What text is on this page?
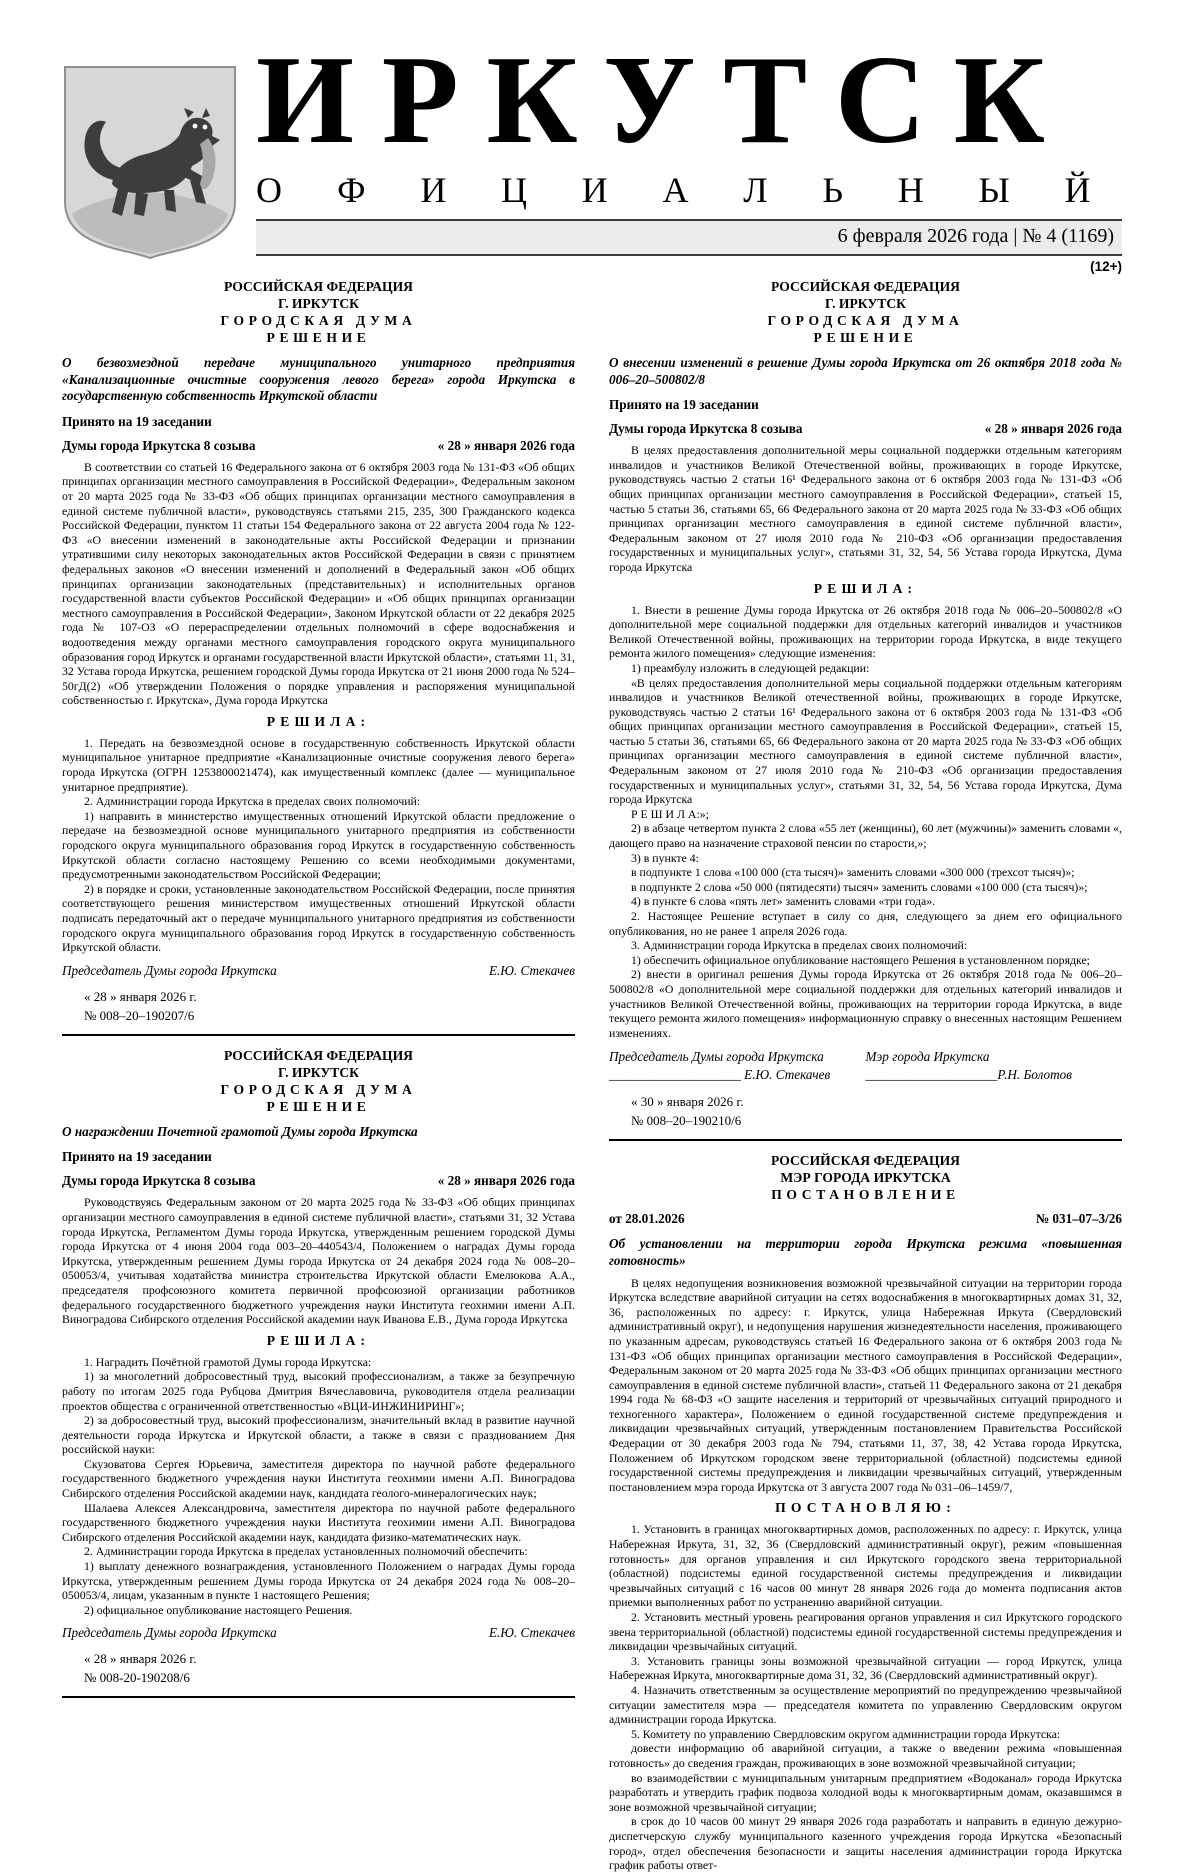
ИРКУТСК
ОФИЦИАЛЬНЫЙ
6 февраля 2026 года | № 4 (1169)
(12+)
РОССИЙСКАЯ ФЕДЕРАЦИЯ
Г. ИРКУТСК
ГОРОДСКАЯ ДУМА
РЕШЕНИЕ
О безвозмездной передаче муниципального унитарного предприятия «Канализационные очистные сооружения левого берега» города Иркутска в государственную собственность Иркутской области
Принято на 19 заседании
Думы города Иркутска 8 созыва	« 28 » января 2026 года

В соответствии со статьей 16 Федерального закона от 6 октября 2003 года № 131-ФЗ «Об общих принципах организации местного самоуправления в Российской Федерации», Федеральным законом от 20 марта 2025 года № 33-ФЗ «Об общих принципах организации местного самоуправления в единой системе публичной власти», руководствуясь статьями 215, 235, 300 Гражданского кодекса Российской Федерации, пунктом 11 статьи 154 Федерального закона от 22 августа 2004 года № 122-ФЗ «О внесении изменений в законодательные акты Российской Федерации и признании утратившими силу некоторых законодательных актов Российской Федерации в связи с принятием федеральных законов «О внесении изменений и дополнений в Федеральный закон «Об общих принципах организации законодательных (представительных) и исполнительных органов государственной власти субъектов Российской Федерации» и «Об общих принципах организации местного самоуправления в Российской Федерации», Законом Иркутской области от 22 декабря 2025 года № 107-ОЗ «О перераспределении отдельных полномочий в сфере водоснабжения и водоотведения между органами местного самоуправления городского округа муниципального образования город Иркутск и органами государственной власти Иркутской области», статьями 11, 31, 32 Устава города Иркутска, решением городской Думы города Иркутска от 21 июня 2000 года № 524–50гД(2) «Об утверждении Положения о порядке управления и распоряжения муниципальной собственностью г. Иркутска», Дума города Иркутска

РЕШИЛА:

1. Передать на безвозмездной основе в государственную собственность Иркутской области муниципальное унитарное предприятие «Канализационные очистные сооружения левого берега» города Иркутска (ОГРН 1253800021474), как имущественный комплекс (далее — муниципальное унитарное предприятие).

2. Администрации города Иркутска в пределах своих полномочий:

1) направить в министерство имущественных отношений Иркутской области предложение о передаче на безвозмездной основе муниципального унитарного предприятия из собственности городского округа муниципального образования город Иркутск в государственную собственность Иркутской области согласно настоящему Решению со всеми необходимыми документами, предусмотренными законодательством Российской Федерации;

2) в порядке и сроки, установленные законодательством Российской Федерации, после принятия соответствующего решения министерством имущественных отношений Иркутской области подписать передаточный акт о передаче муниципального унитарного предприятия из собственности городского округа муниципального образования город Иркутск в государственную собственность Иркутской области.

Председатель Думы города Иркутска	Е.Ю. Стекачев
« 28 » января 2026 г.
№ 008–20–190207/6
РОССИЙСКАЯ ФЕДЕРАЦИЯ
Г. ИРКУТСК
ГОРОДСКАЯ ДУМА
РЕШЕНИЕ
О награждении Почетной грамотой Думы города Иркутска
Принято на 19 заседании
Думы города Иркутска 8 созыва	« 28 » января 2026 года

Руководствуясь Федеральным законом от 20 марта 2025 года № 33-ФЗ «Об общих принципах организации местного самоуправления в единой системе публичной власти», статьями 31, 32 Устава города Иркутска, Регламентом Думы города Иркутска, утвержденным решением городской Думы города Иркутска от 4 июня 2004 года 003–20–440543/4, Положением о наградах Думы города Иркутска, утвержденным решением Думы города Иркутска от 24 декабря 2024 года № 008–20–050053/4, учитывая ходатайства министра строительства Иркутской области Емелюкова А.А., председателя профсоюзного комитета первичной профсоюзной организации работников федерального государственного бюджетного учреждения науки Института геохимии имени А.П. Виноградова Сибирского отделения Российской академии наук Иванова Е.В., Дума города Иркутска

РЕШИЛА:

1. Наградить Почётной грамотой Думы города Иркутска:

1) за многолетний добросовестный труд, высокий профессионализм, а также за безупречную работу по итогам 2025 года Рубцова Дмитрия Вячеславовича, руководителя отдела реализации проектов общества с ограниченной ответственностью «ВЦИ-ИНЖИНИРИНГ»;

2) за добросовестный труд, высокий профессионализм, значительный вклад в развитие научной деятельности города Иркутска и Иркутской области, а также в связи с празднованием Дня российской науки:

Скузоватова Сергея Юрьевича, заместителя директора по научной работе федерального государственного бюджетного учреждения науки Института геохимии имени А.П. Виноградова Сибирского отделения Российской академии наук, кандидата геолого-минералогических наук;

Шалаева Алексея Александровича, заместителя директора по научной работе федерального государственного бюджетного учреждения науки Института геохимии имени А.П. Виноградова Сибирского отделения Российской академии наук, кандидата физико-математических наук.

2. Администрации города Иркутска в пределах установленных полномочий обеспечить:

1) выплату денежного вознаграждения, установленного Положением о наградах Думы города Иркутска, утвержденным решением Думы города Иркутска от 24 декабря 2024 года № 008–20–050053/4, лицам, указанным в пункте 1 настоящего Решения;

2) официальное опубликование настоящего Решения.

Председатель Думы города Иркутска	Е.Ю. Стекачев
« 28 » января 2026 г.
№ 008-20-190208/6
РОССИЙСКАЯ ФЕДЕРАЦИЯ
Г. ИРКУТСК
ГОРОДСКАЯ ДУМА
РЕШЕНИЕ
О внесении изменений в решение Думы города Иркутска от 26 октября 2018 года № 006–20–500802/8
Принято на 19 заседании
Думы города Иркутска 8 созыва	« 28 » января 2026 года

В целях предоставления дополнительной меры социальной поддержки отдельным категориям инвалидов и участников Великой Отечественной войны, проживающих в городе Иркутске, руководствуясь частью 2 статьи 16¹ Федерального закона от 6 октября 2003 года № 131-ФЗ «Об общих принципах организации местного самоуправления в Российской Федерации», статьей 15, частью 5 статьи 36, статьями 65, 66 Федерального закона от 20 марта 2025 года № 33-ФЗ «Об общих принципах организации местного самоуправления в единой системе публичной власти», Федеральным законом от 27 июля 2010 года № 210-ФЗ «Об организации предоставления государственных и муниципальных услуг», статьями 31, 32, 54, 56 Устава города Иркутска, Дума города Иркутска

РЕШИЛА:

1. Внести в решение Думы города Иркутска от 26 октября 2018 года № 006–20–500802/8 «О дополнительной мере социальной поддержки для отдельных категорий инвалидов и участников Великой Отечественной войны, проживающих на территории города Иркутска, в виде текущего ремонта жилого помещения» следующие изменения:

1) преамбулу изложить в следующей редакции:

«В целях предоставления дополнительной меры социальной поддержки отдельным категориям инвалидов и участников Великой отечественной войны, проживающих в городе Иркутске, руководствуясь частью 2 статьи 16¹ Федерального закона от 6 октября 2003 года № 131-ФЗ «Об общих принципах организации местного самоуправления в Российской Федерации», статьей 15, частью 5 статьи 36, статьями 65, 66 Федерального закона от 20 марта 2025 года № 33-ФЗ «Об общих принципах организации местного самоуправления в единой системе публичной власти», Федеральным законом от 27 июля 2010 года № 210-ФЗ «Об организации предоставления государственных и муниципальных услуг», статьями 31, 32, 54, 56 Устава города Иркутска, Дума города Иркутска

Р Е Ш И Л А:»;

2) в абзаце четвертом пункта 2 слова «55 лет (женщины), 60 лет (мужчины)» заменить словами «, дающего право на назначение страховой пенсии по старости,»;

3) в пункте 4:

в подпункте 1 слова «100 000 (ста тысяч)» заменить словами «300 000 (трехсот тысяч)»;

в подпункте 2 слова «50 000 (пятидесяти) тысяч» заменить словами «100 000 (ста тысяч)»;

4) в пункте 6 слова «пять лет» заменить словами «три года».

2. Настоящее Решение вступает в силу со дня, следующего за днем его официального опубликования, но не ранее 1 апреля 2026 года.

3. Администрации города Иркутска в пределах своих полномочий:

1) обеспечить официальное опубликование настоящего Решения в установленном порядке;

2) внести в оригинал решения Думы города Иркутска от 26 октября 2018 года № 006–20–500802/8 «О дополнительной мере социальной поддержки для отдельных категорий инвалидов и участников Великой Отечественной войны, проживающих на территории города Иркутска, в виде текущего ремонта жилого помещения» информационную справку о внесенных настоящим Решением изменениях.

Председатель Думы города Иркутска
____________________ Е.Ю. Стекачев
Мэр города Иркутска
____________________Р.Н. Болотов
« 30 » января 2026 г.
№ 008–20–190210/6
РОССИЙСКАЯ ФЕДЕРАЦИЯ
МЭР ГОРОДА ИРКУТСКА
ПОСТАНОВЛЕНИЕ
от 28.01.2026	№ 031–07–3/26
Об установлении на территории города Иркутска режима «повышенная готовность»

В целях недопущения возникновения возможной чрезвычайной ситуации на территории города Иркутска вследствие аварийной ситуации на сетях водоснабжения в многоквартирных домах 31, 32, 36, расположенных по адресу: г. Иркутск, улица Набережная Иркута (Свердловский административный округ), и недопущения нарушения жизнедеятельности населения, проживающего по указанным адресам, руководствуясь статьей 16 Федерального закона от 6 октября 2003 года № 131-ФЗ «Об общих принципах организации местного самоуправления в Российской Федерации», Федеральным законом от 20 марта 2025 года № 33-ФЗ «Об общих принципах организации местного самоуправления в единой системе публичной власти», статьей 11 Федерального закона от 21 декабря 1994 года № 68-ФЗ «О защите населения и территорий от чрезвычайных ситуаций природного и техногенного характера», Положением о единой государственной системе предупреждения и ликвидации чрезвычайных ситуаций, утвержденным постановлением Правительства Российской Федерации от 30 декабря 2003 года № 794, статьями 11, 37, 38, 42 Устава города Иркутска, Положением об Иркутском городском звене территориальной (областной) подсистемы единой государственной системы предупреждения и ликвидации чрезвычайных ситуаций, утвержденным постановлением мэра города Иркутска от 3 августа 2007 года № 031–06–1459/7,

ПОСТАНОВЛЯЮ:

1. Установить в границах многоквартирных домов, расположенных по адресу: г. Иркутск, улица Набережная Иркута, 31, 32, 36 (Свердловский административный округ), режим «повышенная готовность» для органов управления и сил Иркутского городского звена территориальной (областной) подсистемы единой государственной системы предупреждения и ликвидации чрезвычайных ситуаций с 16 часов 00 минут 28 января 2026 года до момента подписания актов приемки выполненных работ по устранению аварийной ситуации.

2. Установить местный уровень реагирования органов управления и сил Иркутского городского звена территориальной (областной) подсистемы единой государственной системы предупреждения и ликвидации чрезвычайных ситуаций.

3. Установить границы зоны возможной чрезвычайной ситуации — город Иркутск, улица Набережная Иркута, многоквартирные дома 31, 32, 36 (Свердловский административный округ).

4. Назначить ответственным за осуществление мероприятий по предупреждению чрезвычайной ситуации заместителя мэра — председателя комитета по управлению Свердловским округом администрации города Иркутска.

5. Комитету по управлению Свердловским округом администрации города Иркутска:

довести информацию об аварийной ситуации, а также о введении режима «повышенная готовность» до сведения граждан, проживающих в зоне возможной чрезвычайной ситуации;

во взаимодействии с муниципальным унитарным предприятием «Водоканал» города Иркутска разработать и утвердить график подвоза холодной воды к многоквартирным домам, оказавшимся в зоне возможной чрезвычайной ситуации;

в срок до 10 часов 00 минут 29 января 2026 года разработать и направить в единую дежурно-диспетчерскую службу муниципального казенного учреждения города Иркутска «Безопасный город», отдел обеспечения безопасности и защиты населения администрации города Иркутска график работы ответ-
